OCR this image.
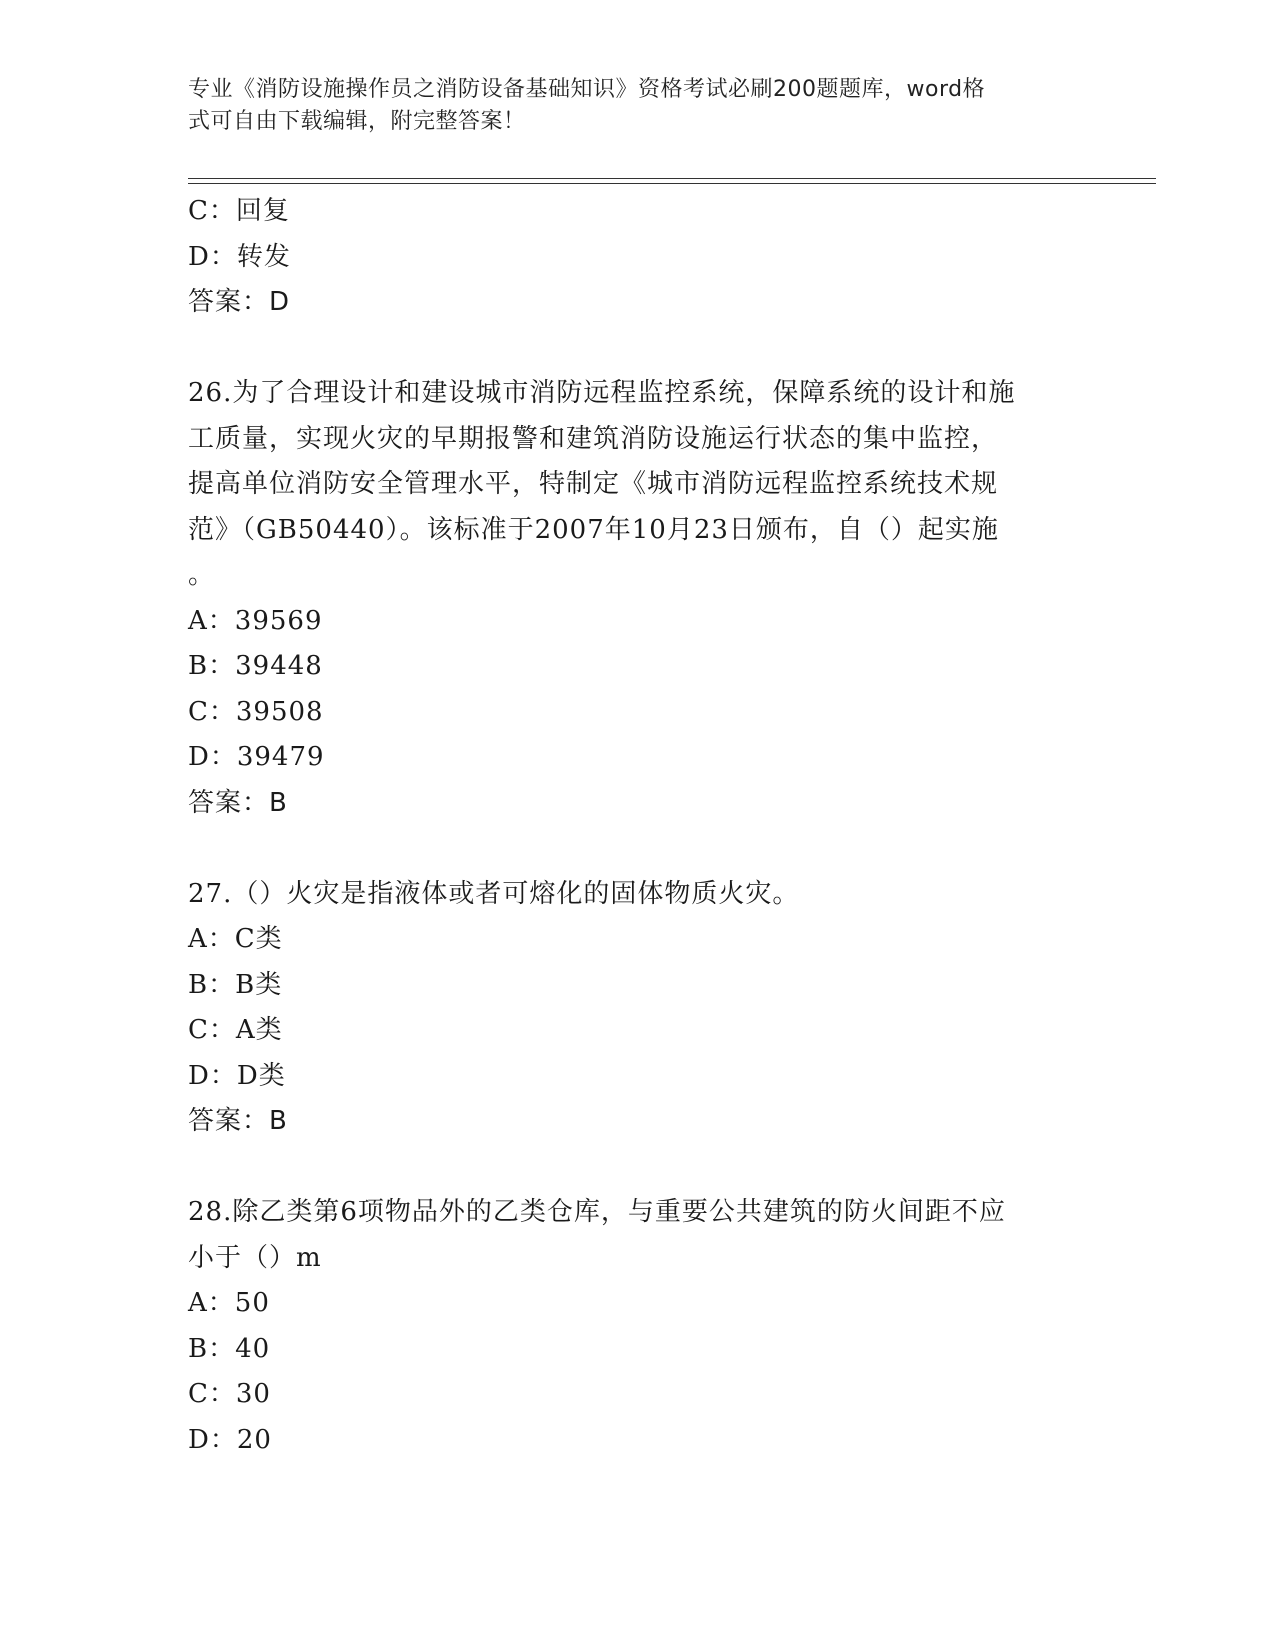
专业《消防设施操作员之消防设备基础知识》资格考试必刷200题题库，word格
式可自由下载编辑，附完整答案！
C：回复
D：转发
答案：D
26.为了合理设计和建设城市消防远程监控系统，保障系统的设计和施
工质量，实现火灾的早期报警和建筑消防设施运行状态的集中监控，
提高单位消防安全管理水平，特制定《城市消防远程监控系统技术规
范》（GB50440）。该标准于2007年10月23日颁布，自（）起实施
。
A：39569
B：39448
C：39508
D：39479
答案：B
27.（）火灾是指液体或者可熔化的固体物质火灾。
A：C类
B：B类
C：A类
D：D类
答案：B
28.除乙类第6项物品外的乙类仓库，与重要公共建筑的防火间距不应
小于（）m
A：50
B：40
C：30
D：20
